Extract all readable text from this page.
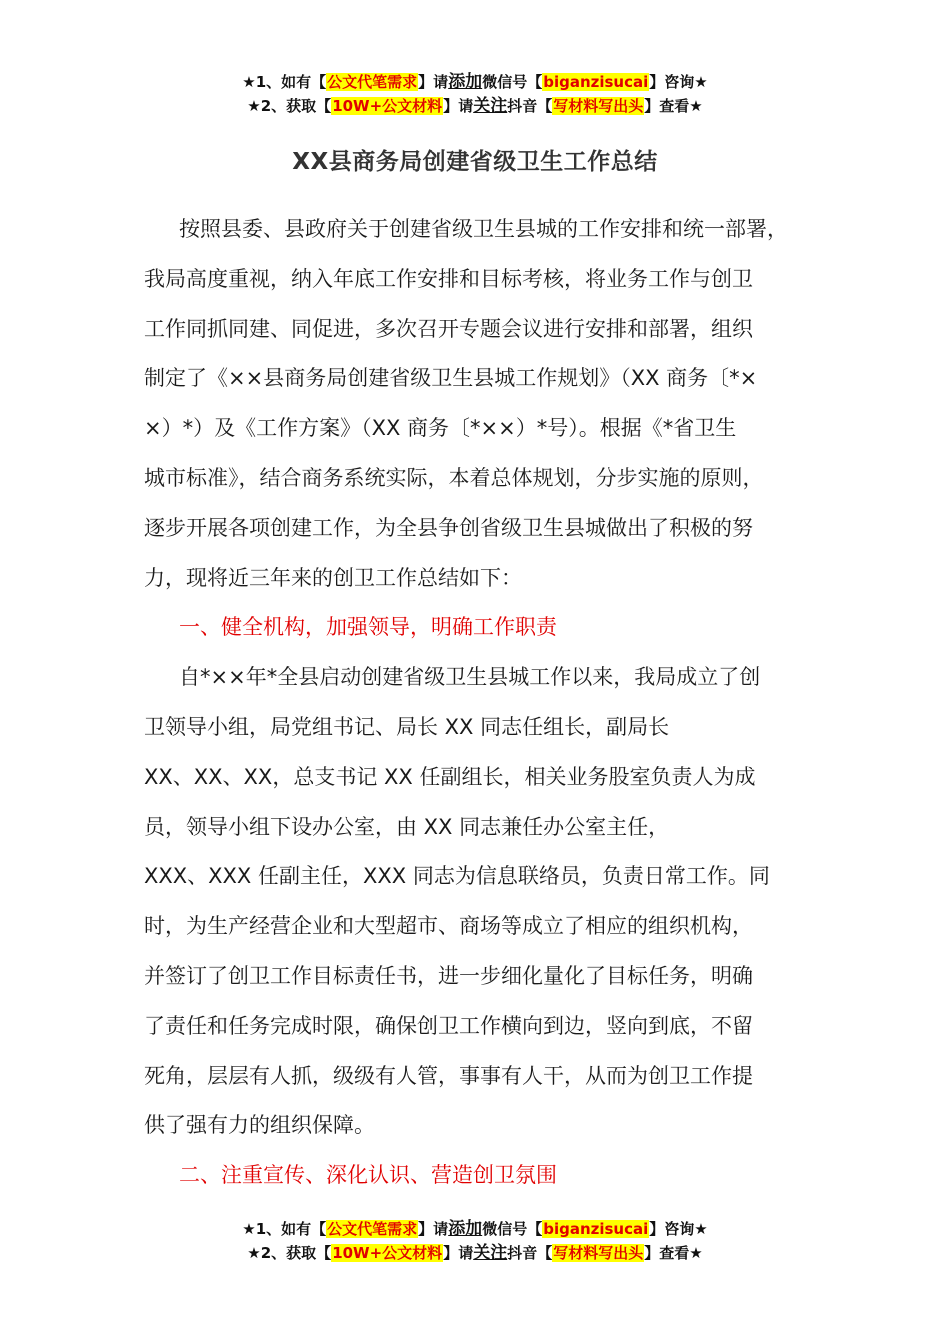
★1、如有【公文代笔需求】请添加微信号【biganzisucai】咨询★
★2、获取【10W+公文材料】请关注抖音【写材料写出头】查看★
XX县商务局创建省级卫生工作总结
按照县委、县政府关于创建省级卫生县城的工作安排和统一部署，
我局高度重视，纳入年底工作安排和目标考核，将业务工作与创卫
工作同抓同建、同促进，多次召开专题会议进行安排和部署，组织
制定了《××县商务局创建省级卫生县城工作规划》（XX 商务〔*×
×）*）及《工作方案》（XX 商务〔*××）*号）。根据《*省卫生
城市标准》，结合商务系统实际，本着总体规划，分步实施的原则，
逐步开展各项创建工作，为全县争创省级卫生县城做出了积极的努
力，现将近三年来的创卫工作总结如下：
一、健全机构，加强领导，明确工作职责
自*××年*全县启动创建省级卫生县城工作以来，我局成立了创
卫领导小组，局党组书记、局长 XX 同志任组长，副局长
XX、XX、XX，总支书记 XX 任副组长，相关业务股室负责人为成
员，领导小组下设办公室，由 XX 同志兼任办公室主任，
XXX、XXX 任副主任，XXX 同志为信息联络员，负责日常工作。同
时，为生产经营企业和大型超市、商场等成立了相应的组织机构，
并签订了创卫工作目标责任书，进一步细化量化了目标任务，明确
了责任和任务完成时限，确保创卫工作横向到边，竖向到底，不留
死角，层层有人抓，级级有人管，事事有人干，从而为创卫工作提
供了强有力的组织保障。
二、注重宣传、深化认识、营造创卫氛围
★1、如有【公文代笔需求】请添加微信号【biganzisucai】咨询★
★2、获取【10W+公文材料】请关注抖音【写材料写出头】查看★
